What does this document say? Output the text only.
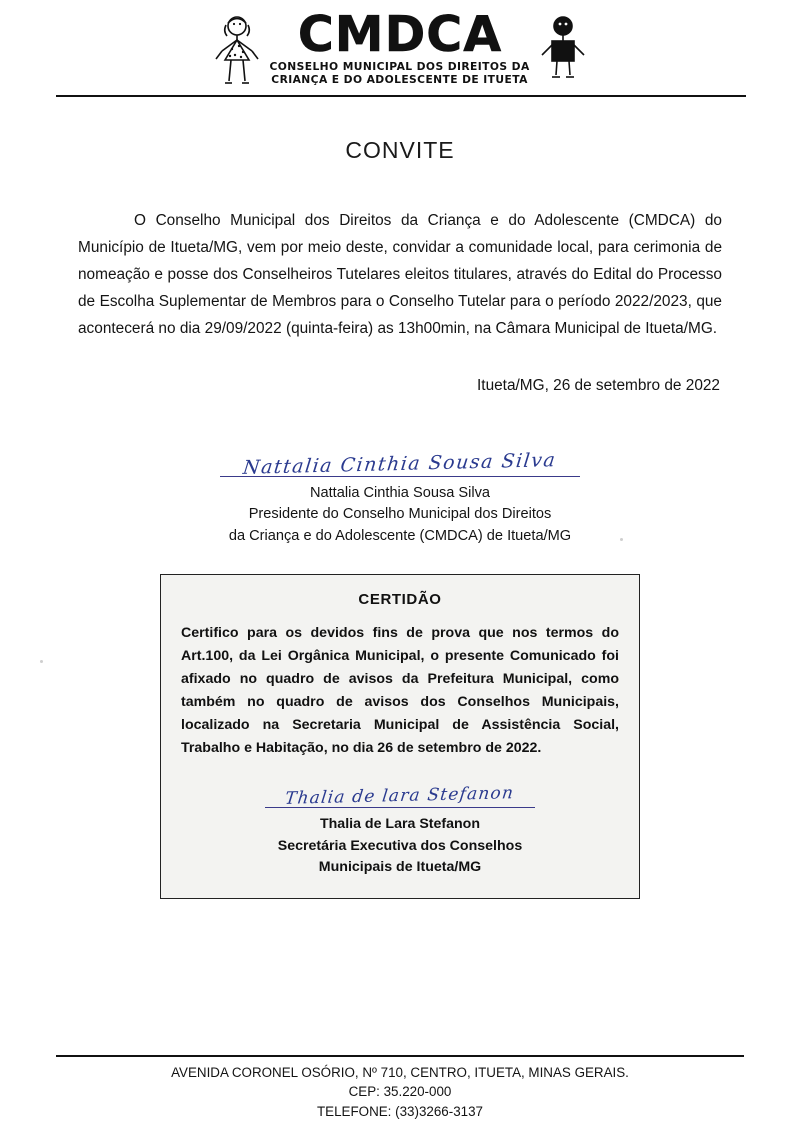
CMDCA
CONSELHO MUNICIPAL DOS DIREITOS DA
CRIANÇA E DO ADOLESCENTE DE ITUETA
CONVITE
O Conselho Municipal dos Direitos da Criança e do Adolescente (CMDCA) do Município de Itueta/MG, vem por meio deste, convidar a comunidade local, para cerimonia de nomeação e posse dos Conselheiros Tutelares eleitos titulares, através do Edital do Processo de Escolha Suplementar de Membros para o Conselho Tutelar para o período 2022/2023, que acontecerá no dia 29/09/2022 (quinta-feira) as 13h00min, na Câmara Municipal de Itueta/MG.
Itueta/MG, 26 de setembro de 2022
Nattalia Cinthia Sousa Silva
Nattalia Cinthia Sousa Silva
Presidente do Conselho Municipal dos Direitos
da Criança e do Adolescente (CMDCA) de Itueta/MG
CERTIDÃO
Certifico para os devidos fins de prova que nos termos do Art.100, da Lei Orgânica Municipal, o presente Comunicado foi afixado no quadro de avisos da Prefeitura Municipal, como também no quadro de avisos dos Conselhos Municipais, localizado na Secretaria Municipal de Assistência Social, Trabalho e Habitação, no dia 26 de setembro de 2022.
Thalia de lara Stefanon
Thalia de Lara Stefanon
Secretária Executiva dos Conselhos
Municipais de Itueta/MG
AVENIDA CORONEL OSÓRIO, Nº 710, CENTRO, ITUETA, MINAS GERAIS.
CEP: 35.220-000
TELEFONE: (33)3266-3137
